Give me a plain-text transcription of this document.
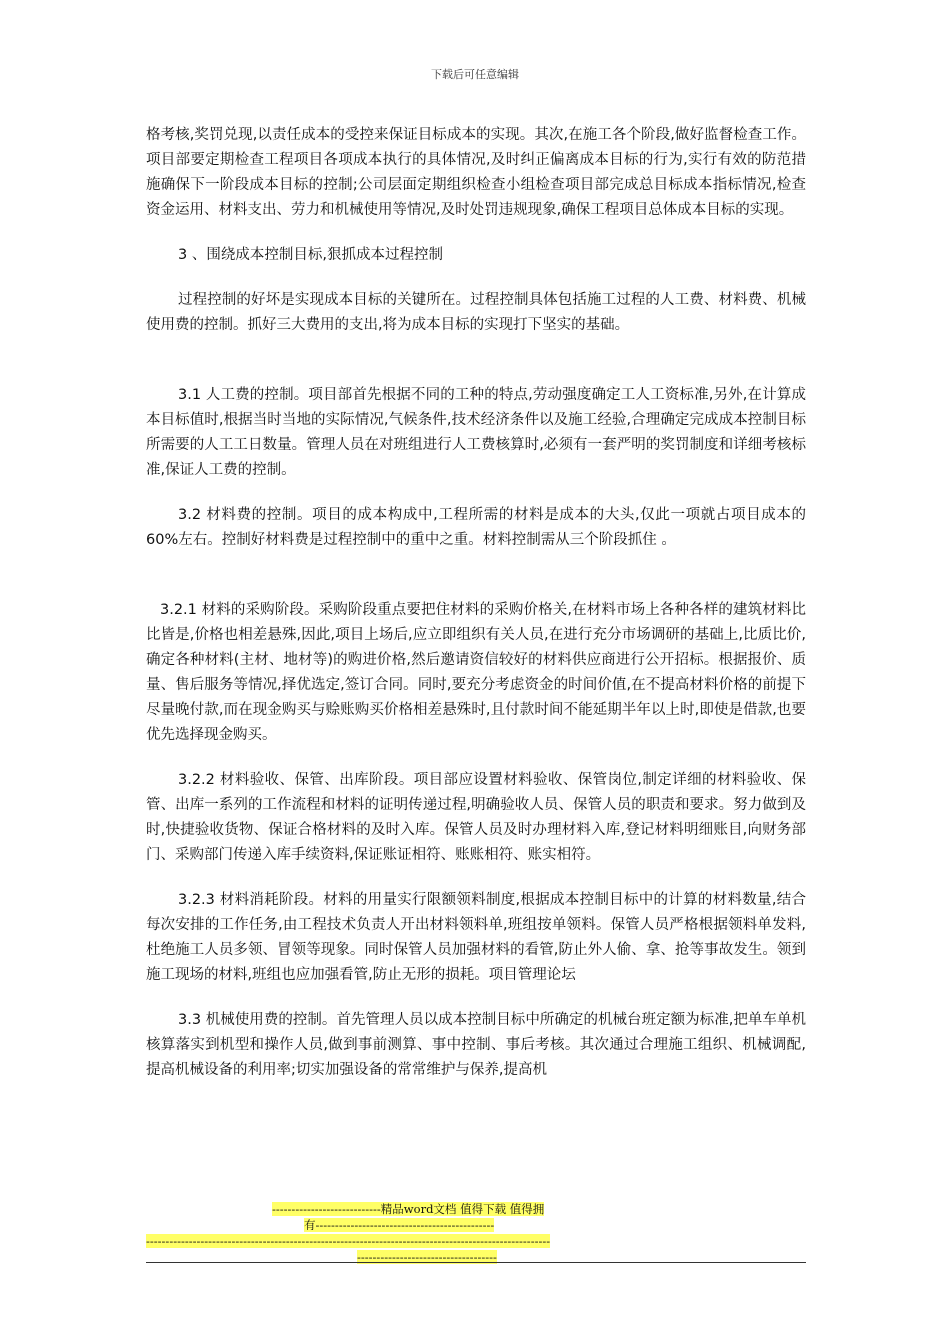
下载后可任意编辑

格考核,奖罚兑现,以责任成本的受控来保证目标成本的实现。其次,在施工各个阶段,做好监督检查工作。项目部要定期检查工程项目各项成本执行的具体情况,及时纠正偏离成本目标的行为,实行有效的防范措施确保下一阶段成本目标的控制;公司层面定期组织检查小组检查项目部完成总目标成本指标情况,检查资金运用、材料支出、劳力和机械使用等情况,及时处罚违规现象,确保工程项目总体成本目标的实现。

3 、围绕成本控制目标,狠抓成本过程控制

过程控制的好坏是实现成本目标的关键所在。过程控制具体包括施工过程的人工费、材料费、机械使用费的控制。抓好三大费用的支出,将为成本目标的实现打下坚实的基础。

3.1 人工费的控制。项目部首先根据不同的工种的特点,劳动强度确定工人工资标准,另外,在计算成本目标值时,根据当时当地的实际情况,气候条件,技术经济条件以及施工经验,合理确定完成成本控制目标所需要的人工工日数量。管理人员在对班组进行人工费核算时,必须有一套严明的奖罚制度和详细考核标准,保证人工费的控制。

3.2 材料费的控制。项目的成本构成中,工程所需的材料是成本的大头,仅此一项就占项目成本的 60%左右。控制好材料费是过程控制中的重中之重。材料控制需从三个阶段抓住 。

3.2.1 材料的采购阶段。采购阶段重点要把住材料的采购价格关,在材料市场上各种各样的建筑材料比比皆是,价格也相差悬殊,因此,项目上场后,应立即组织有关人员,在进行充分市场调研的基础上,比质比价,确定各种材料(主材、地材等)的购进价格,然后邀请资信较好的材料供应商进行公开招标。根据报价、质量、售后服务等情况,择优选定,签订合同。同时,要充分考虑资金的时间价值,在不提高材料价格的前提下尽量晚付款,而在现金购买与赊账购买价格相差悬殊时,且付款时间不能延期半年以上时,即使是借款,也要优先选择现金购买。

3.2.2 材料验收、保管、出库阶段。项目部应设置材料验收、保管岗位,制定详细的材料验收、保管、出库一系列的工作流程和材料的证明传递过程,明确验收人员、保管人员的职责和要求。努力做到及时,快捷验收货物、保证合格材料的及时入库。保管人员及时办理材料入库,登记材料明细账目,向财务部门、采购部门传递入库手续资料,保证账证相符、账账相符、账实相符。

3.2.3 材料消耗阶段。材料的用量实行限额领料制度,根据成本控制目标中的计算的材料数量,结合每次安排的工作任务,由工程技术负责人开出材料领料单,班组按单领料。保管人员严格根据领料单发料,杜绝施工人员多领、冒领等现象。同时保管人员加强材料的看管,防止外人偷、拿、抢等事故发生。领到施工现场的材料,班组也应加强看管,防止无形的损耗。项目管理论坛

3.3 机械使用费的控制。首先管理人员以成本控制目标中所确定的机械台班定额为标准,把单车单机核算落实到机型和操作人员,做到事前测算、事中控制、事后考核。其次通过合理施工组织、机械调配,提高机械设备的利用率;切实加强设备的常常维护与保养,提高机

----------------------------精品word文档 值得下载 值得拥
有----------------------------------------------
--------------------------------------------------------------------------------------------------------
------------------------------------
